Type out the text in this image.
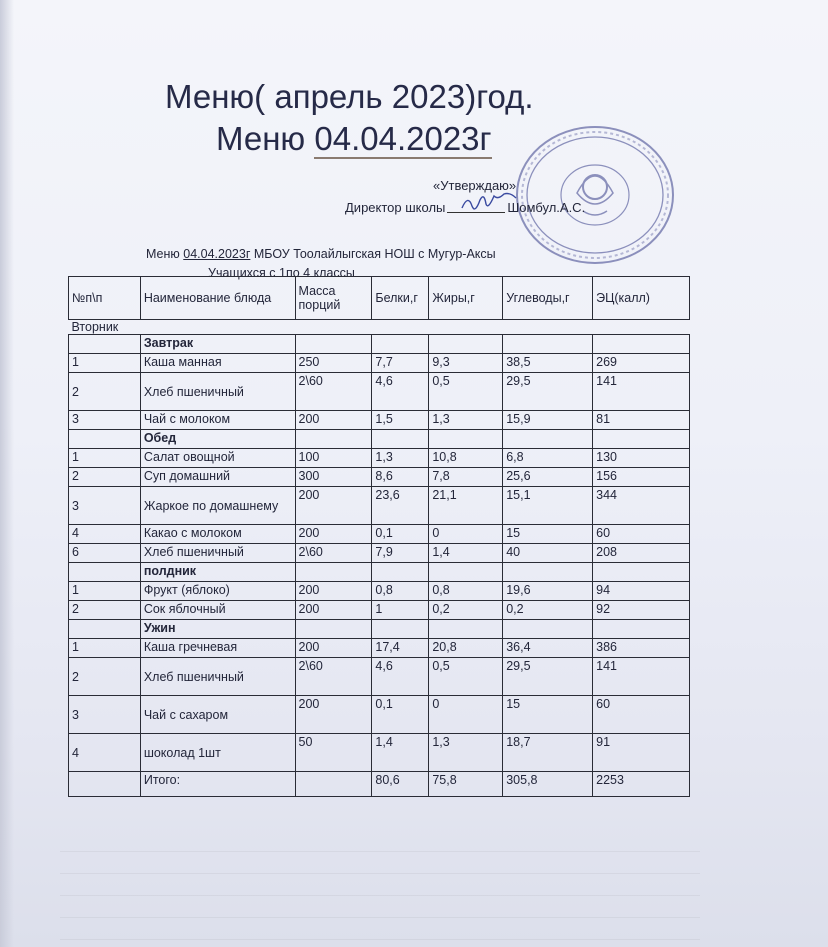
Меню( апрель 2023)год.
Меню 04.04.2023г
«Утверждаю»
Директор школы	Шомбул.А.С.
Меню 04.04.2023г МБОУ Тоолайлыгская НОШ с Мугур-Аксы
Учащихся с 1по 4 классы
№п\п	Наименование блюда	Масса порций	Белки,г	Жиры,г	Углеводы,г	ЭЦ(калл)
Вторник						
	Завтрак					
1	Каша манная	250	7,7	9,3	38,5	269
2	Хлеб пшеничный	2\60	4,6	0,5	29,5	141
3	Чай с молоком	200	1,5	1,3	15,9	81
	Обед					
1	Салат овощной	100	1,3	10,8	6,8	130
2	Суп домашний	300	8,6	7,8	25,6	156
3	Жаркое по домашнему	200	23,6	21,1	15,1	344
4	Какао с молоком	200	0,1	0	15	60
6	Хлеб пшеничный	2\60	7,9	1,4	40	208
	полдник					
1	Фрукт (яблоко)	200	0,8	0,8	19,6	94
2	Сок яблочный	200	1	0,2	0,2	92
	Ужин					
1	Каша гречневая	200	17,4	20,8	36,4	386
2	Хлеб пшеничный	2\60	4,6	0,5	29,5	141
3	Чай с сахаром	200	0,1	0	15	60
4	шоколад 1шт	50	1,4	1,3	18,7	91
	Итого:		80,6	75,8	305,8	2253
